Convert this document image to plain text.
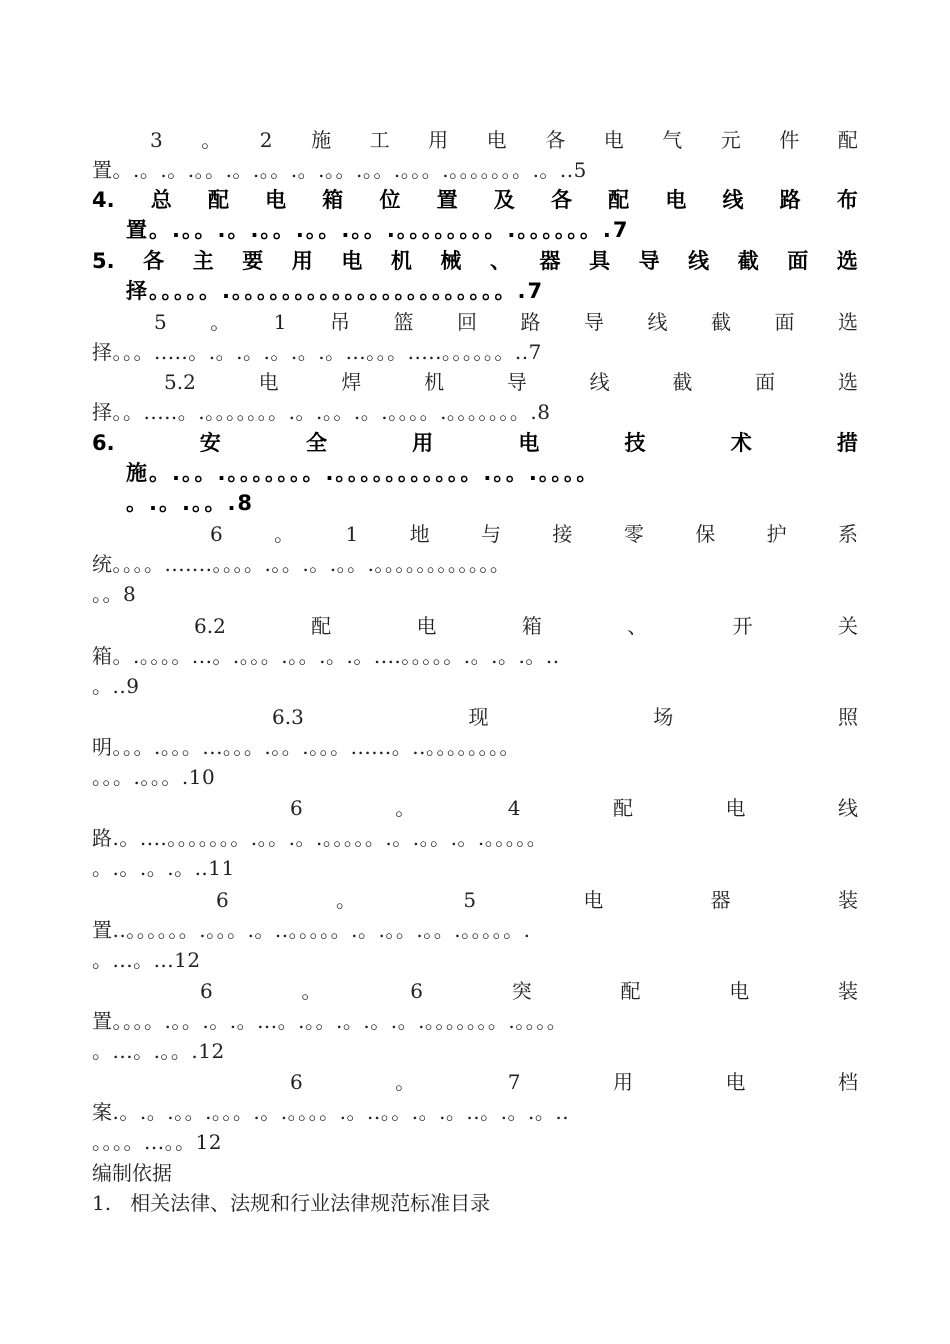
3 。 2 施 工 用 电 各 电 气 元 件 配
置。.。.。.。。.。.。。.。.。。.。。.。。。.。。。。。。。.。..5
4. 总 配 电 箱 位 置 及 各 配 电 线 路 布
置。.。。.。.。。.。。.。。.。。。。。。。。.。。。。。。.7
5. 各 主 要 用 电 机 械 、 器 具 导 线 截 面 选
择。。。。。.。。。。。。。。。。。。。。。。。。。。。。.7
5 。 1 吊 篮 回 路 导 线 截 面 选
择。。。.....。.。.。.。.。.。...。。。.....。。。。。。..7
5.2	电	焊	机	导	线	截	面	选
择。。.....。.。。。。。。。.。.。。.。.。。。。.。。。。。。。.8
6.	安	全	用	电	技	术	措
施。.。。.。。。。。。。.。。。。。。。。。。。.。。.。。。。
。.。.。。.8
6	。	1	地	与	接	零	保	护	系
统。。。。.......。。。。.。。.。.。。.。。。。。。。。。。。。
。。8
6.2	配	电	箱	、	开	关
箱。.。。。。...。.。。。.。。.。.。....。。。。。.。.。.。..
。..9
6.3	现	场	照
明。。。.。。。...。。。.。。.。。。......。..。。。。。。。。
。。。.。。。.10
6	。	4	配	电	线
路.。....。。。。。。。.。。.。.。。。。。.。.。。.。.。。。。。
。.。.。.。..11
6	。	5	电	器	装
置..。。。。。。.。。。.。..。。。。。.。.。。.。。.。。。。。.
。...。...12
6	。	6	突	配	电	装
置。。。。.。。.。.。...。.。。.。.。.。.。。。。。。。.。。。。
。...。.。。.12
6	。	7	用	电	档
案.。.。.。。.。。。.。.。。。。.。..。。.。.。..。.。.。..
。。。。...。。12
编制依据
1.   相关法律、法规和行业法律规范标准目录
